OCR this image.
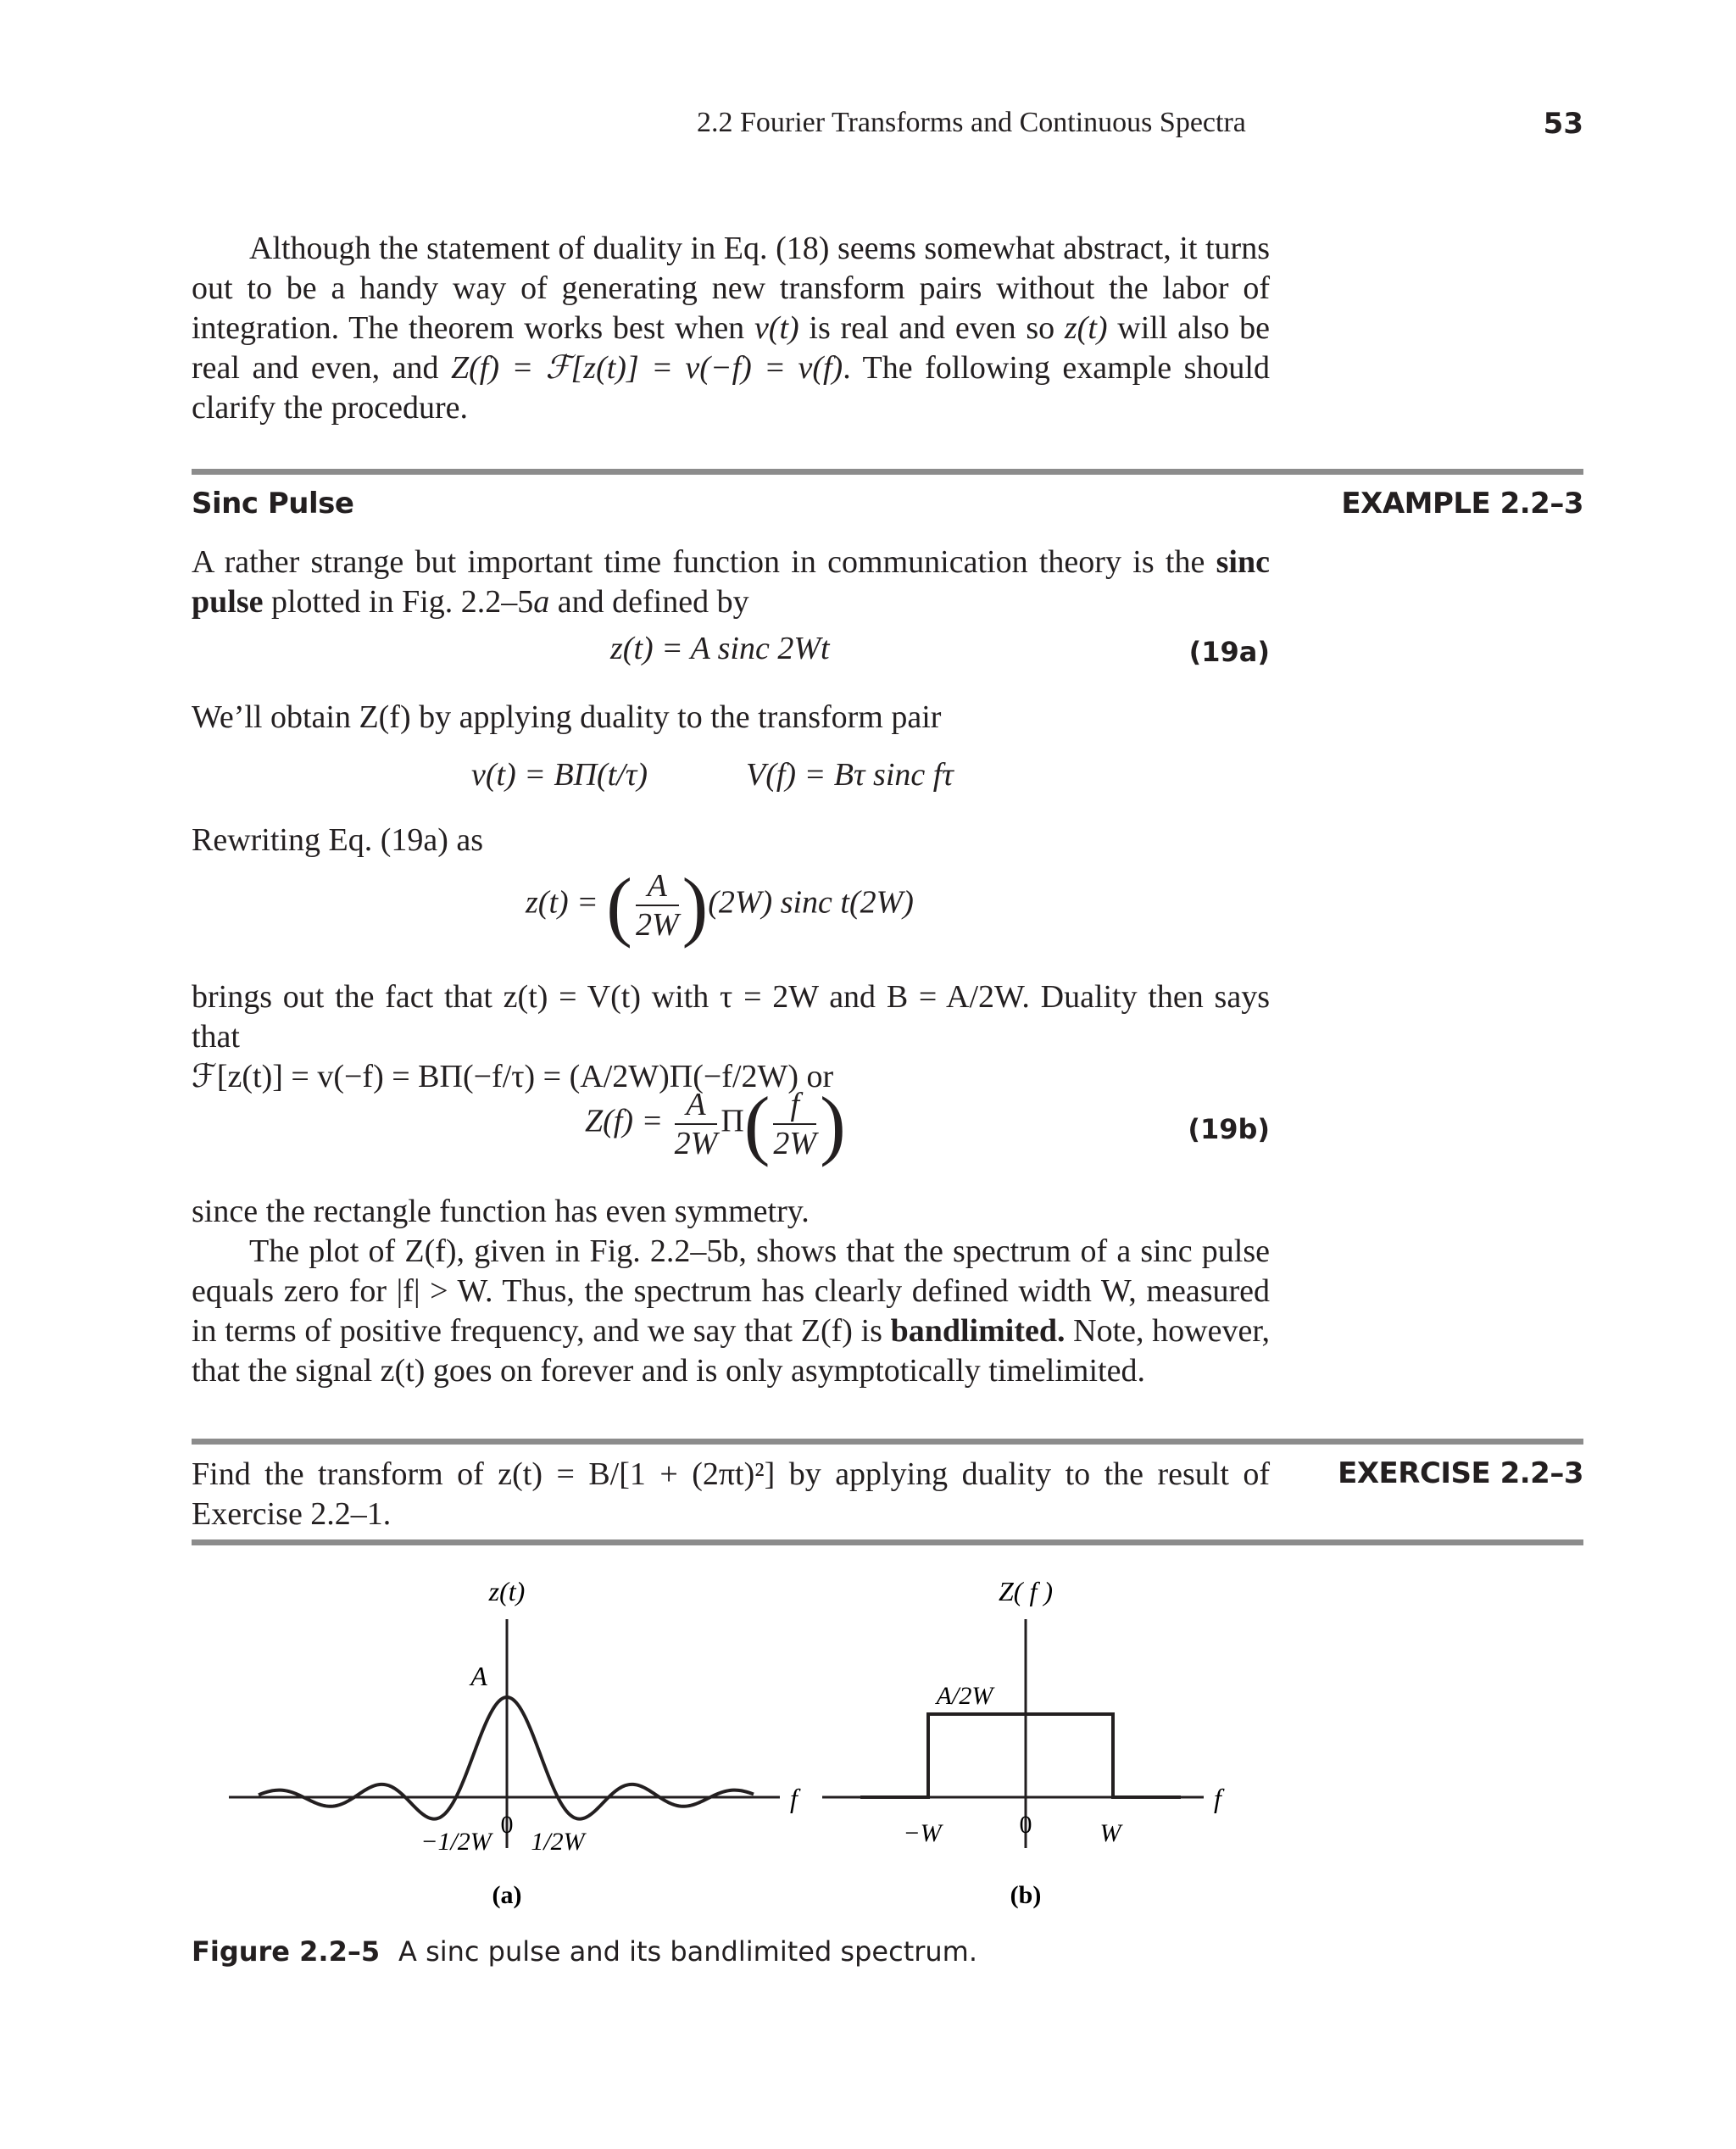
2.2 Fourier Transforms and Continuous Spectra	53

Although the statement of duality in Eq. (18) seems somewhat abstract, it turns out to be a handy way of generating new transform pairs without the labor of integration. The theorem works best when v(t) is real and even so z(t) will also be real and even, and Z(f) = ℱ[z(t)] = v(−f) = v(f). The following example should clarify the procedure.

Sinc Pulse	EXAMPLE 2.2–3

A rather strange but important time function in communication theory is the sinc pulse plotted in Fig. 2.2–5a and defined by

z(t) = A sinc 2Wt	(19a)
We’ll obtain Z(f) by applying duality to the transform pair
v(t) = BΠ(t/τ)	V(f) = Bτ sinc fτ
Rewriting Eq. (19a) as
z(t) = ( $\frac{A}{2W} )(2W)$ sinc t(2W)

brings out the fact that z(t) = V(t) with τ = 2W and B = A/2W. Duality then says that

ℱ[z(t)] = v(−f) = BΠ(−f/τ) = (A/2W)Π(−f/2W) or

$Z(f) = \frac{A}{2W} \Pi( \frac{f}{2W}$ )	(19b)

since the rectangle function has even symmetry.

The plot of Z(f), given in Fig. 2.2–5b, shows that the spectrum of a sinc pulse equals zero for |f| > W. Thus, the spectrum has clearly defined width W, measured in terms of positive frequency, and we say that Z(f) is bandlimited. Note, however, that the signal z(t) goes on forever and is only asymptotically timelimited.

Find the transform of z(t) = B/[1 + (2πt)²] by applying duality to the result of Exercise 2.2–1.
EXERCISE 2.2–3
z(t)
A
f
0
−1/2W 1/2W
(a)
Z( f )
A/2W
f
0
−W	W
(b)
Figure 2.2–5 A sinc pulse and its bandlimited spectrum.
